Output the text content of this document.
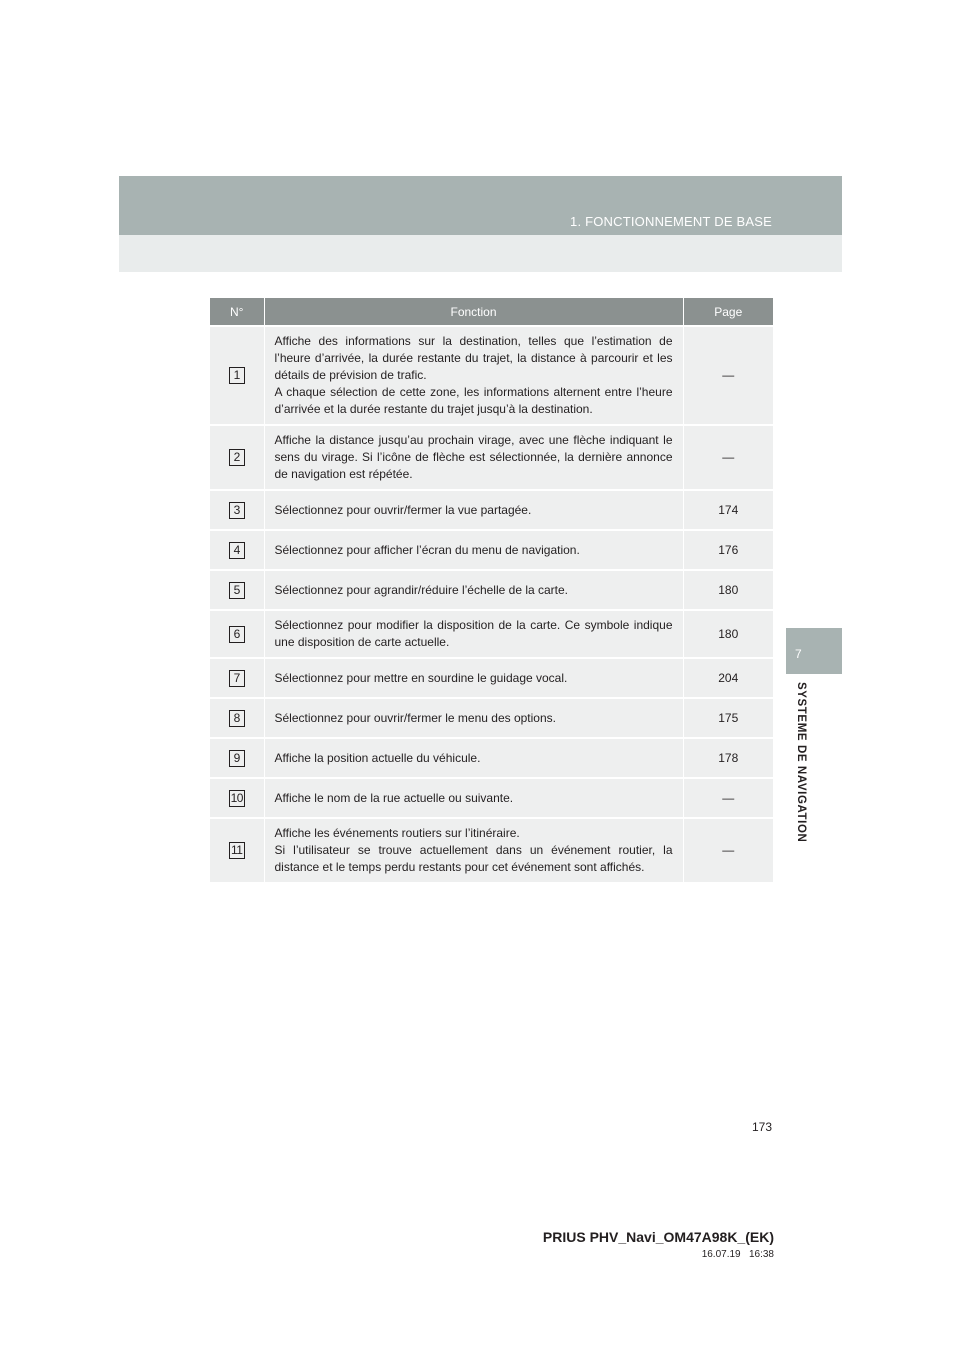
1. FONCTIONNEMENT DE BASE
7
SYSTEME DE NAVIGATION
N°	Fonction	Page
1	Affiche des informations sur la destination, telles que l’estimation de l’heure d’arrivée, la durée restante du trajet, la distance à parcourir et les détails de prévision de trafic.
A chaque sélection de cette zone, les informations alternent entre l’heure d’arrivée et la durée restante du trajet jusqu’à la destination.	—
2	Affiche la distance jusqu’au prochain virage, avec une flèche indiquant le sens du virage. Si l’icône de flèche est sélectionnée, la dernière annonce de navigation est répétée.	—
3	Sélectionnez pour ouvrir/fermer la vue partagée.	174
4	Sélectionnez pour afficher l’écran du menu de navigation.	176
5	Sélectionnez pour agrandir/réduire l’échelle de la carte.	180
6	Sélectionnez pour modifier la disposition de la carte. Ce symbole indique une disposition de carte actuelle.	180
7	Sélectionnez pour mettre en sourdine le guidage vocal.	204
8	Sélectionnez pour ouvrir/fermer le menu des options.	175
9	Affiche la position actuelle du véhicule.	178
10	Affiche le nom de la rue actuelle ou suivante.	—
11	Affiche les événements routiers sur l’itinéraire.
Si l’utilisateur se trouve actuellement dans un événement routier, la distance et le temps perdu restants pour cet événement sont affichés.	—
173
PRIUS PHV_Navi_OM47A98K_(EK)
16.07.19 16:38
